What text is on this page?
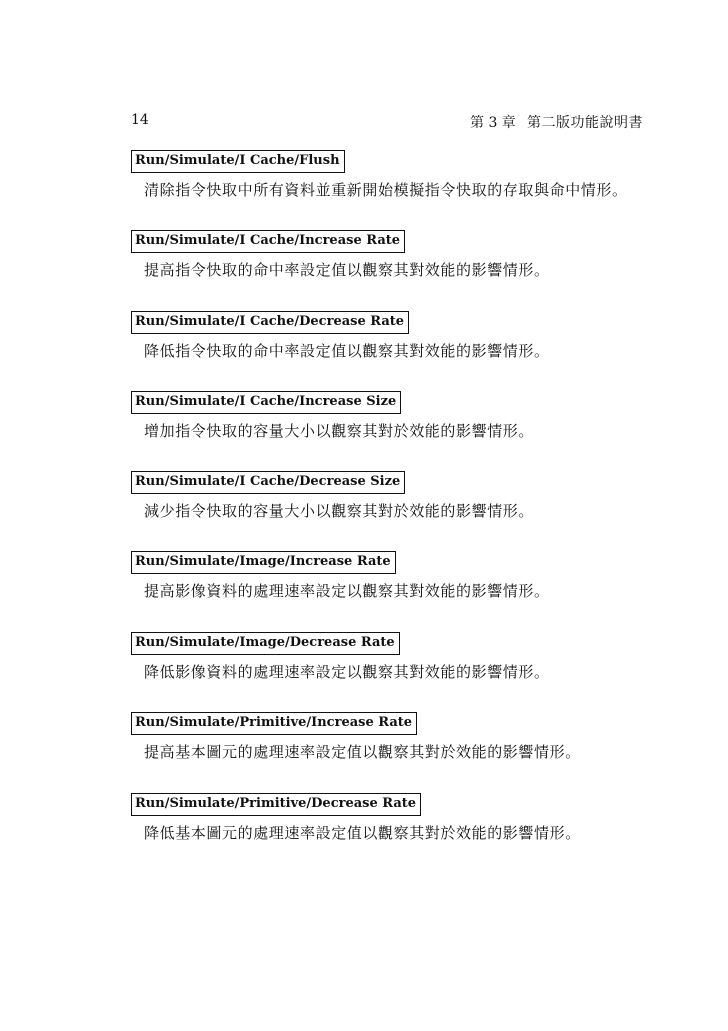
14	第 3 章 第二版功能說明書
Run/Simulate/I Cache/Flush
清除指令快取中所有資料並重新開始模擬指令快取的存取與命中情形。
Run/Simulate/I Cache/Increase Rate
提高指令快取的命中率設定值以觀察其對效能的影響情形。
Run/Simulate/I Cache/Decrease Rate
降低指令快取的命中率設定值以觀察其對效能的影響情形。
Run/Simulate/I Cache/Increase Size
增加指令快取的容量大小以觀察其對於效能的影響情形。
Run/Simulate/I Cache/Decrease Size
減少指令快取的容量大小以觀察其對於效能的影響情形。
Run/Simulate/Image/Increase Rate
提高影像資料的處理速率設定以觀察其對效能的影響情形。
Run/Simulate/Image/Decrease Rate
降低影像資料的處理速率設定以觀察其對效能的影響情形。
Run/Simulate/Primitive/Increase Rate
提高基本圖元的處理速率設定值以觀察其對於效能的影響情形。
Run/Simulate/Primitive/Decrease Rate
降低基本圖元的處理速率設定值以觀察其對於效能的影響情形。
